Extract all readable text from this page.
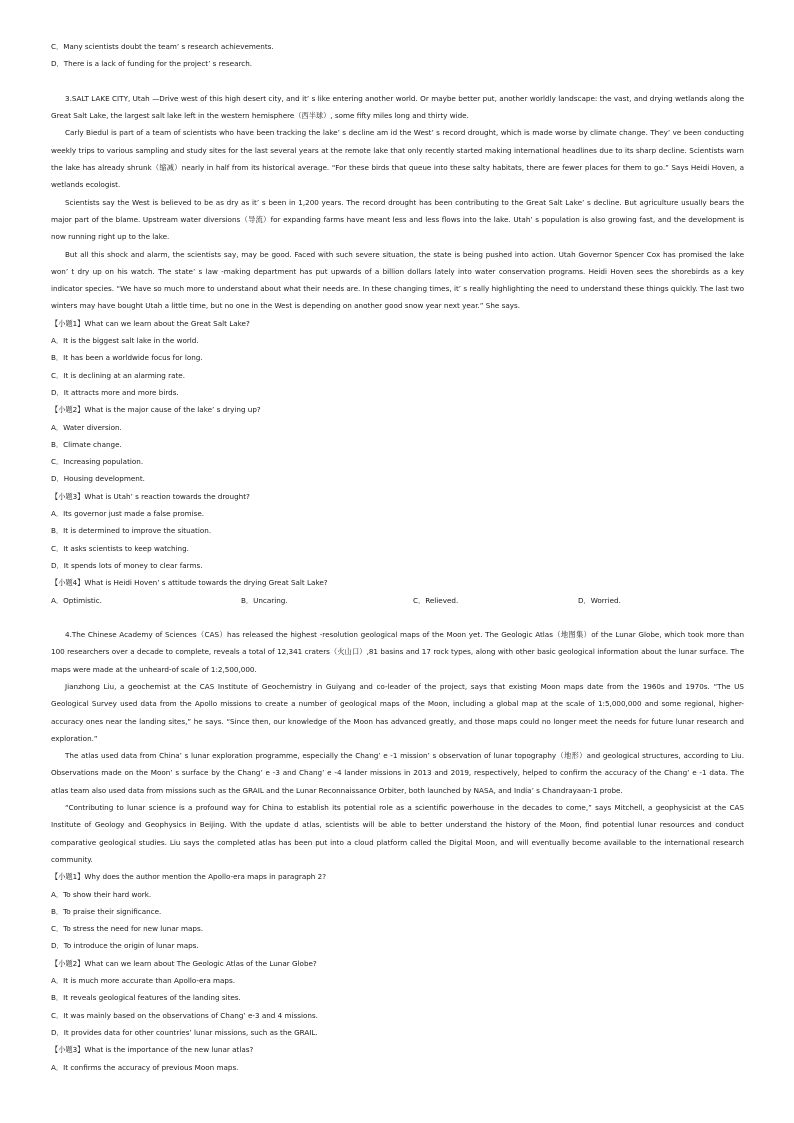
C．Many scientists doubt the team’ s research achievements.
D．There is a lack of funding for the project’ s research.

3.SALT LAKE CITY, Utah —Drive west of this high desert city, and it’ s like entering another world. Or maybe better put, another worldly landscape: the vast, and drying wetlands along the Great Salt Lake, the largest salt lake left in the western hemisphere（西半球）, some fifty miles long and thirty wide.

Carly Biedul is part of a team of scientists who have been tracking the lake’ s decline am id the West’ s record drought, which is made worse by climate change. They’ ve been conducting weekly trips to various sampling and study sites for the last several years at the remote lake that only recently started making international headlines due to its sharp decline. Scientists warn the lake has already shrunk（缩减）nearly in half from its historical average. “For these birds that queue into these salty habitats, there are fewer places for them to go.” Says Heidi Hoven, a wetlands ecologist.

Scientists say the West is believed to be as dry as it’ s been in 1,200 years. The record drought has been contributing to the Great Salt Lake’ s decline. But agriculture usually bears the major part of the blame. Upstream water diversions（导流）for expanding farms have meant less and less flows into the lake. Utah’ s population is also growing fast, and the development is now running right up to the lake.

But all this shock and alarm, the scientists say, may be good. Faced with such severe situation, the state is being pushed into action. Utah Governor Spencer Cox has promised the lake won’ t dry up on his watch. The state’ s law -making department has put upwards of a billion dollars lately into water conservation programs. Heidi Hoven sees the shorebirds as a key indicator species. “We have so much more to understand about what their needs are. In these changing times, it’ s really highlighting the need to understand these things quickly. The last two winters may have bought Utah a little time, but no one in the West is depending on another good snow year next year.” She says.

【小题1】What can we learn about the Great Salt Lake?
A．It is the biggest salt lake in the world.
B．It has been a worldwide focus for long.
C．It is declining at an alarming rate.
D．It attracts more and more birds.
【小题2】What is the major cause of the lake’ s drying up?
A．Water diversion.
B．Climate change.
C．Increasing population.
D．Housing development.
【小题3】What is Utah’ s reaction towards the drought?
A．Its governor just made a false promise.
B．It is determined to improve the situation.
C．It asks scientists to keep watching.
D．It spends lots of money to clear farms.
【小题4】What is Heidi Hoven’ s attitude towards the drying Great Salt Lake?
A．Optimistic.	B．Uncaring.	C．Relieved.	D．Worried.

4.The Chinese Academy of Sciences（CAS）has released the highest -resolution geological maps of the Moon yet. The Geologic Atlas（地图集）of the Lunar Globe, which took more than 100 researchers over a decade to complete, reveals a total of 12,341 craters（火山口）,81 basins and 17 rock types, along with other basic geological information about the lunar surface. The maps were made at the unheard-of scale of 1:2,500,000.

Jianzhong Liu, a geochemist at the CAS Institute of Geochemistry in Guiyang and co-leader of the project, says that existing Moon maps date from the 1960s and 1970s. “The US Geological Survey used data from the Apollo missions to create a number of geological maps of the Moon, including a global map at the scale of 1:5,000,000 and some regional, higher-accuracy ones near the landing sites,” he says. “Since then, our knowledge of the Moon has advanced greatly, and those maps could no longer meet the needs for future lunar research and exploration.”

The atlas used data from China’ s lunar exploration programme, especially the Chang’ e -1 mission’ s observation of lunar topography（地形）and geological structures, according to Liu. Observations made on the Moon’ s surface by the Chang’ e -3 and Chang’ e -4 lander missions in 2013 and 2019, respectively, helped to confirm the accuracy of the Chang’ e -1 data. The atlas team also used data from missions such as the GRAIL and the Lunar Reconnaissance Orbiter, both launched by NASA, and India’ s Chandrayaan-1 probe.

“Contributing to lunar science is a profound way for China to establish its potential role as a scientific powerhouse in the decades to come,” says Mitchell, a geophysicist at the CAS Institute of Geology and Geophysics in Beijing. With the update d atlas, scientists will be able to better understand the history of the Moon, find potential lunar resources and conduct comparative geological studies. Liu says the completed atlas has been put into a cloud platform called the Digital Moon, and will eventually become available to the international research community.

【小题1】Why does the author mention the Apollo-era maps in paragraph 2?
A．To show their hard work.
B．To praise their significance.
C．To stress the need for new lunar maps.
D．To introduce the origin of lunar maps.
【小题2】What can we learn about The Geologic Atlas of the Lunar Globe?
A．It is much more accurate than Apollo-era maps.
B．It reveals geological features of the landing sites.
C．It was mainly based on the observations of Chang’ e-3 and 4 missions.
D．It provides data for other countries’ lunar missions, such as the GRAIL.
【小题3】What is the importance of the new lunar atlas?
A．It confirms the accuracy of previous Moon maps.
